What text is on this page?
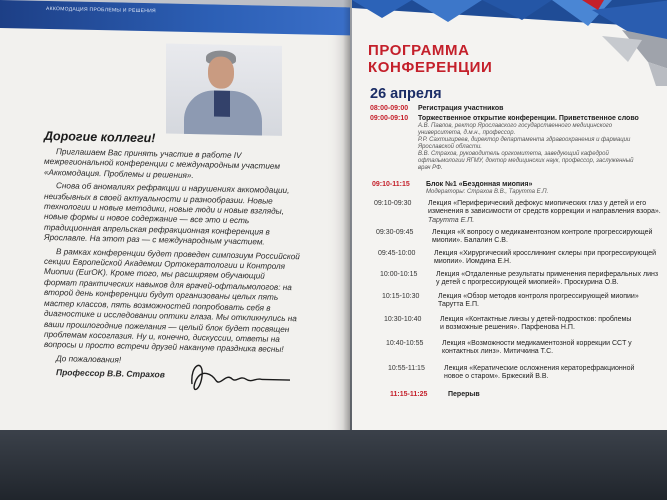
АККОМОДАЦИЯ ПРОБЛЕМЫ И РЕШЕНИЯ
Дорогие коллеги!

Приглашаем Вас принять участие в работе IV межрегиональной конференции с международным участием «Аккомодация. Проблемы и решения».

Снова об аномалиях рефракции и нарушениях аккомодации, неизбывных в своей актуальности и разнообразии. Новые технологии и новые методики, новые люди и новые взгляды, новые формы и новое содержание — все это и есть традиционная апрельская рефракционная конференция в Ярославле. На этот раз — с международным участием.

В рамках конференции будет проведен симпозиум Российской секции Европейской Академии Ортокератологии и Контроля Миопии (EurOK). Кроме того, мы расширяем обучающий формат практических навыков для врачей-офтальмологов: на второй день конференции будут организованы целых пять мастер классов, пять возможностей попробовать себя в диагностике и исследовании оптики глаза. Мы откликнулись на ваши прошлогодние пожелания — целый блок будет посвящен проблемам косоглазия. Ну и, конечно, дискуссии, ответы на вопросы и просто встречи друзей накануне праздника весны!

До пожалования!

Профессор В.В. Страхов
ПРОГРАММА
КОНФЕРЕНЦИИ
26 апреля
08:00-09:00 Регистрация участников
09:00-09:10 Торжественное открытие конференции. Приветственное слово
А.В. Павлов, ректор Ярославского государственного медицинского
университета, д.м.н., профессор.
Р.Р. Сахтигиреев, директор департамента здравоохранения и фармации
Ярославской области.
В.В. Страхов, руководитель оргкомитета, заведующий кафедрой
офтальмологии ЯГМУ, доктор медицинских наук, профессор, заслуженный
врач РФ.
09:10-11:15 Блок №1 «Бездонная миопия»
Модераторы: Страхов В.В., Тарутта Е.П.
09:10-09:30 Лекция «Периферический дефокус миопических глаз у детей и его
изменения в зависимости от средств коррекции и направления взора».
Тарутта Е.П.
09:30-09:45	Лекция «К вопросу о медикаментозном контроле прогрессирующей
миопии». Балалин С.В.
09:45-10:00	Лекция «Хирургический кросслинкинг склеры при прогрессирующей
миопии». Иомдина Е.Н.
10:00-10:15	Лекция «Отдаленные результаты применения периферальных линз
у детей с прогрессирующей миопией». Проскурина О.В.
10:15-10:30	Лекция «Обзор методов контроля прогрессирующей миопии»
Тарутта Е.П.
10:30-10:40	Лекция «Контактные линзы у детей-подростков: проблемы
и возможные решения». Парфенова Н.П.
10:40-10:55	Лекция «Возможности медикаментозной коррекции CCT у
контактных линз». Митичкина Т.С.
10:55-11:15	Лекция «Кератические осложнения кераторефракционной
новое о старом». Бржеский В.В.
11:15-11:25	Перерыв
